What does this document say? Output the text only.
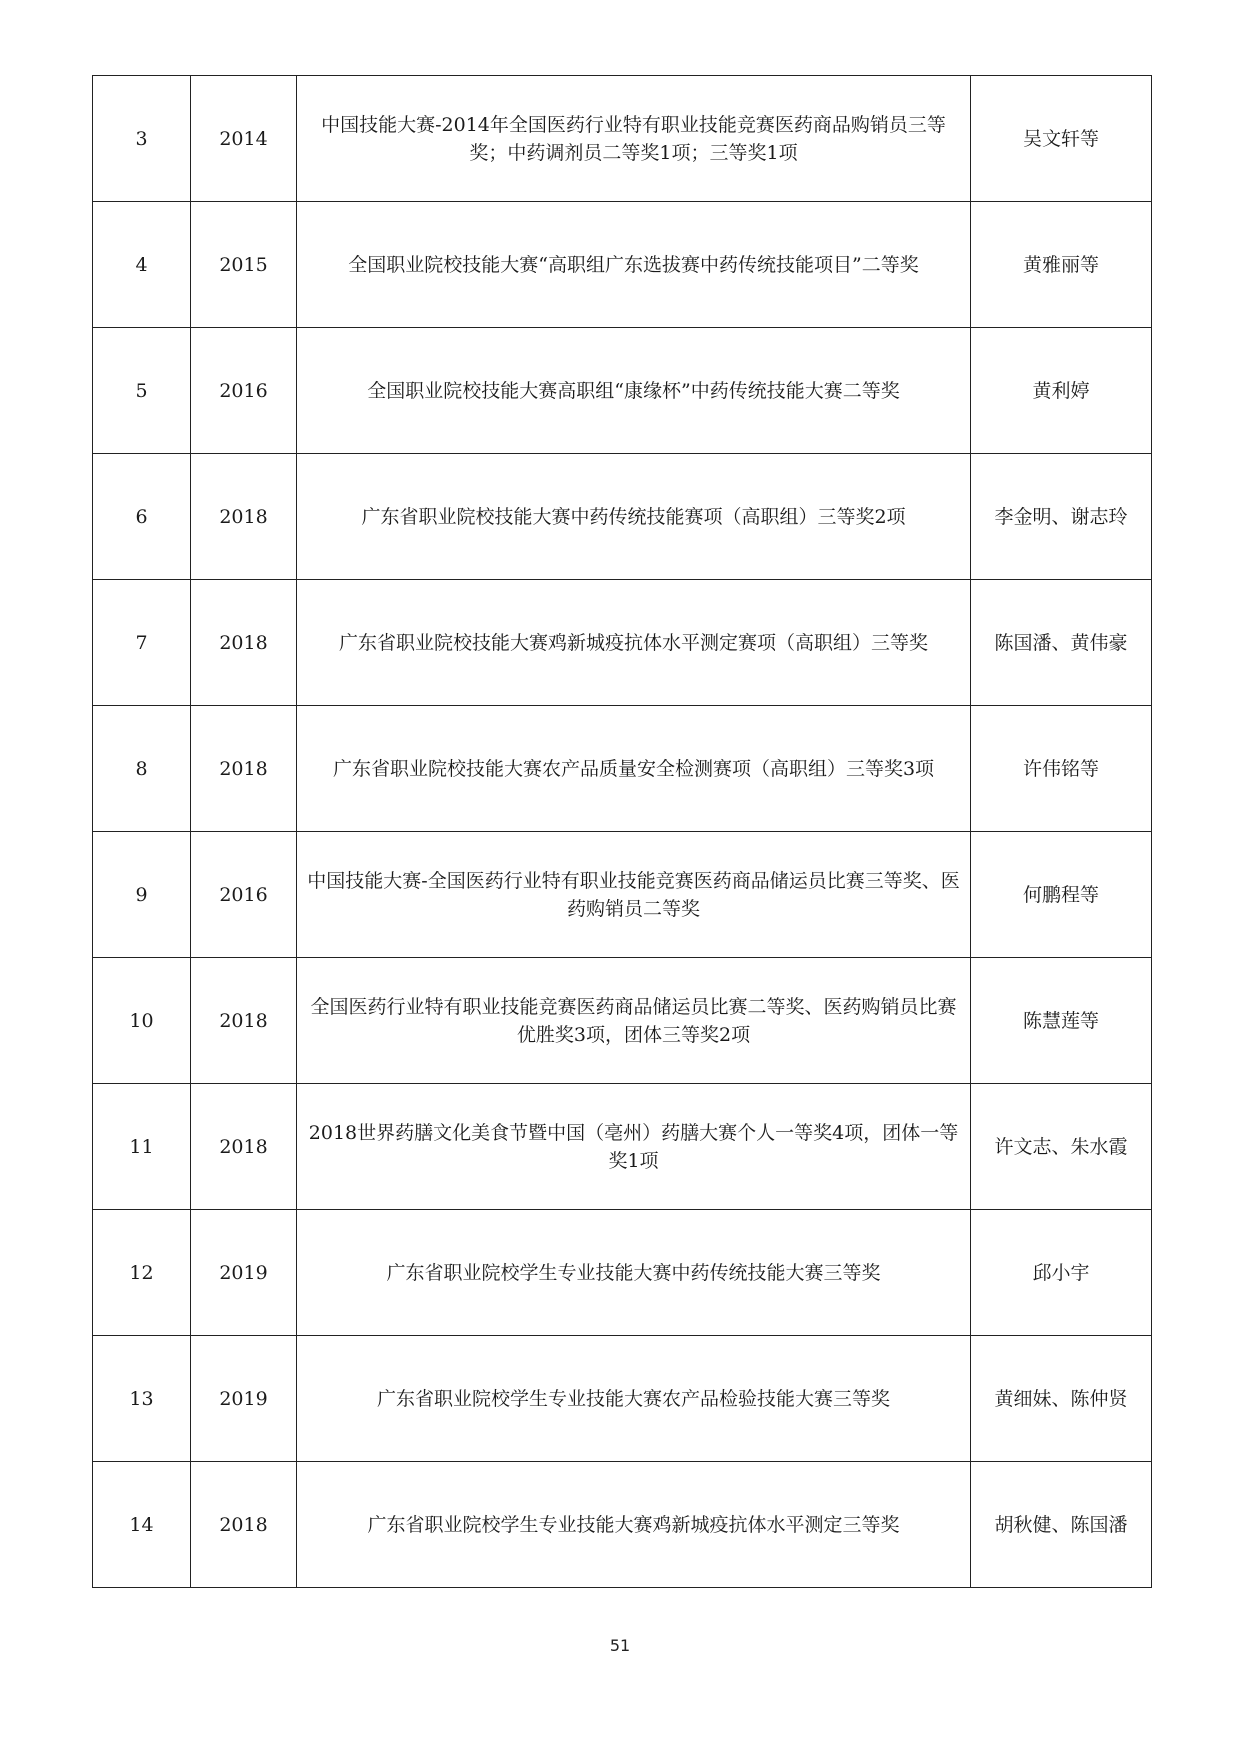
3	2014	中国技能大赛-2014年全国医药行业特有职业技能竞赛医药商品购销员三等奖；中药调剂员二等奖1项；三等奖1项	吴文轩等
4	2015	全国职业院校技能大赛“高职组广东选拔赛中药传统技能项目”二等奖	黄雅丽等
5	2016	全国职业院校技能大赛高职组“康缘杯”中药传统技能大赛二等奖	黄利婷
6	2018	广东省职业院校技能大赛中药传统技能赛项（高职组）三等奖2项	李金明、谢志玲
7	2018	广东省职业院校技能大赛鸡新城疫抗体水平测定赛项（高职组）三等奖	陈国潘、黄伟豪
8	2018	广东省职业院校技能大赛农产品质量安全检测赛项（高职组）三等奖3项	许伟铭等
9	2016	中国技能大赛-全国医药行业特有职业技能竞赛医药商品储运员比赛三等奖、医药购销员二等奖	何鹏程等
10	2018	全国医药行业特有职业技能竞赛医药商品储运员比赛二等奖、医药购销员比赛优胜奖3项，团体三等奖2项	陈慧莲等
11	2018	2018世界药膳文化美食节暨中国（亳州）药膳大赛个人一等奖4项，团体一等奖1项	许文志、朱水霞
12	2019	广东省职业院校学生专业技能大赛中药传统技能大赛三等奖	邱小宇
13	2019	广东省职业院校学生专业技能大赛农产品检验技能大赛三等奖	黄细妹、陈仲贤
14	2018	广东省职业院校学生专业技能大赛鸡新城疫抗体水平测定三等奖	胡秋健、陈国潘
51
